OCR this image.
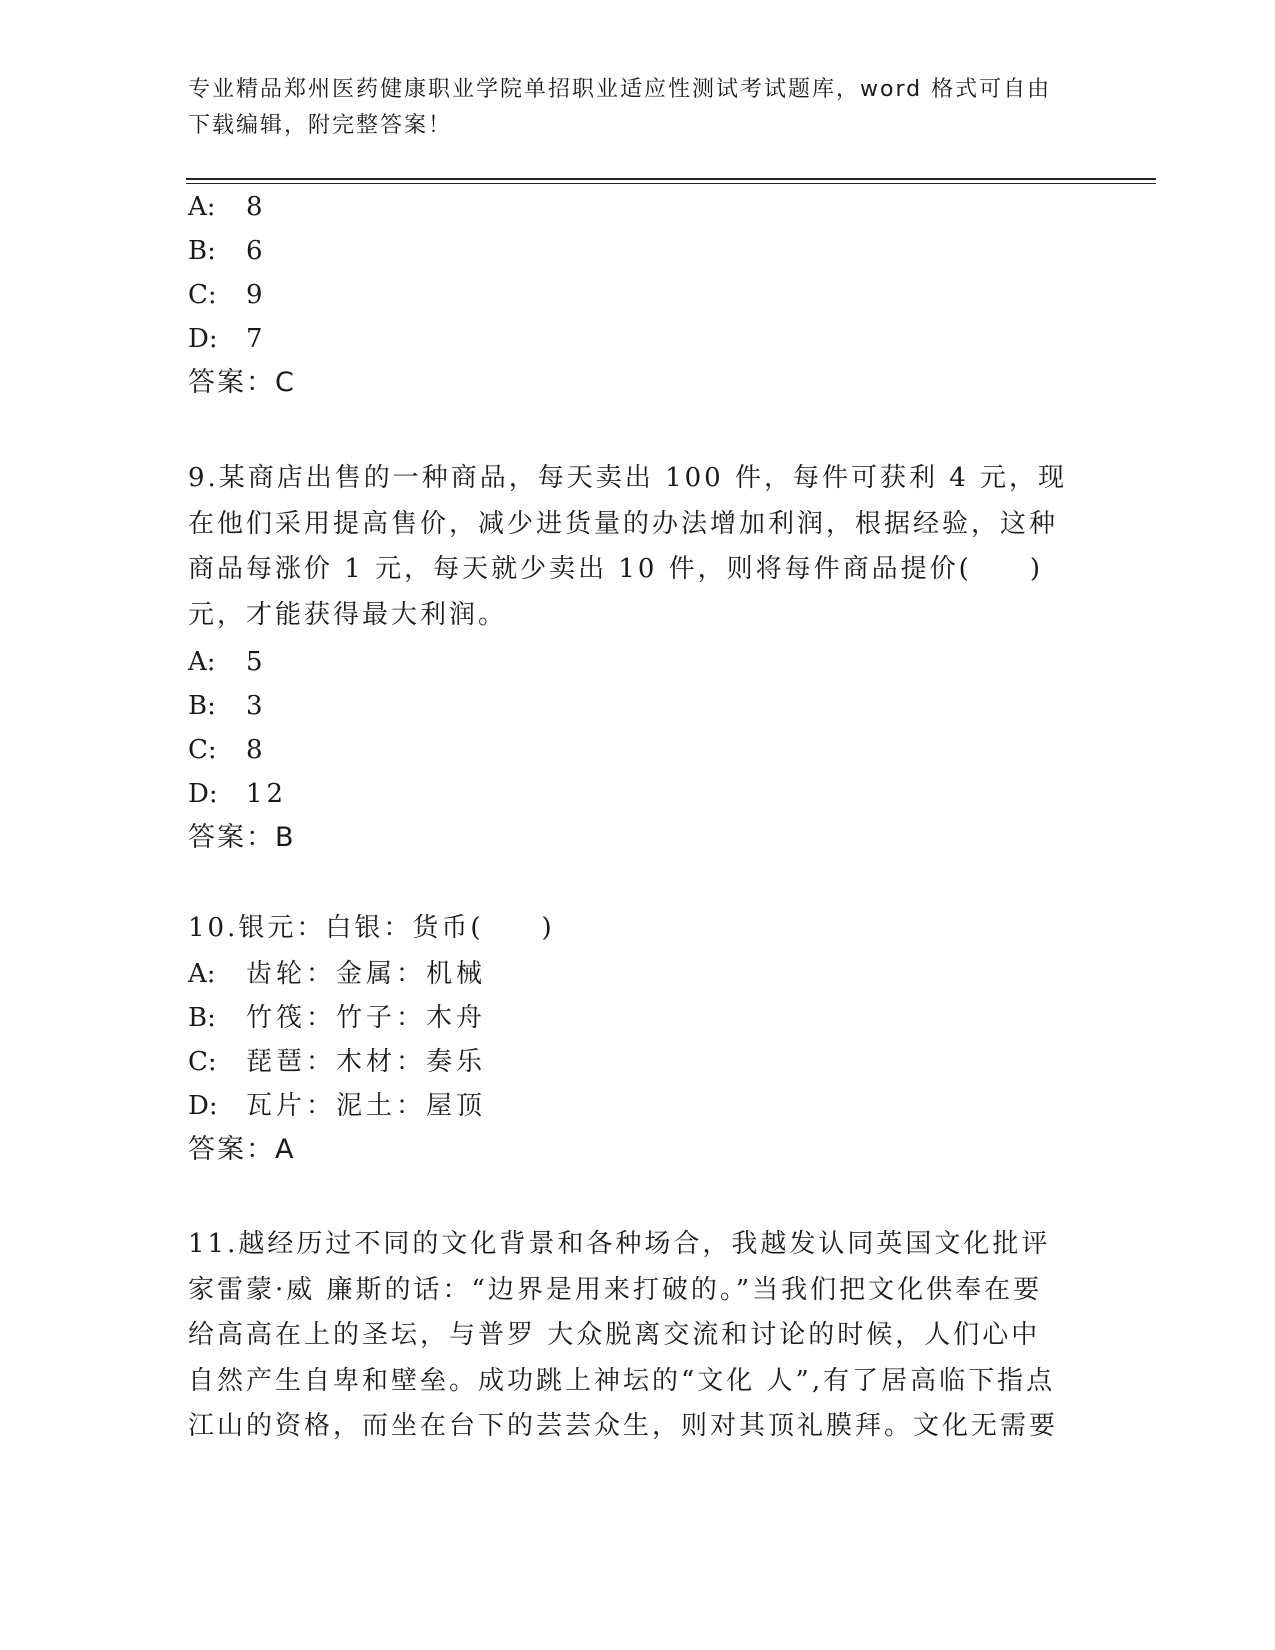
专业精品郑州医药健康职业学院单招职业适应性测试考试题库，word 格式可自由下载编辑，附完整答案！
A: 8
B: 6
C: 9
D: 7
答案：C
9.某商店出售的一种商品，每天卖出 100 件，每件可获利 4 元，现在他们采用提高售价，减少进货量的办法增加利润，根据经验，这种商品每涨价 1 元，每天就少卖出 10 件，则将每件商品提价(　　)元，才能获得最大利润。
A: 5
B: 3
C: 8
D: 12
答案：B
10.银元：白银：货币(　　)
A: 齿轮：金属：机械
B: 竹筏：竹子：木舟
C: 琵琶：木材：奏乐
D: 瓦片：泥土：屋顶
答案：A
11.越经历过不同的文化背景和各种场合，我越发认同英国文化批评家雷蒙·威 廉斯的话：“边界是用来打破的。”当我们把文化供奉在要给高高在上的圣坛，与普罗 大众脱离交流和讨论的时候，人们心中自然产生自卑和壁垒。成功跳上神坛的“文化 人”,有了居高临下指点江山的资格，而坐在台下的芸芸众生，则对其顶礼膜拜。文化无需要
